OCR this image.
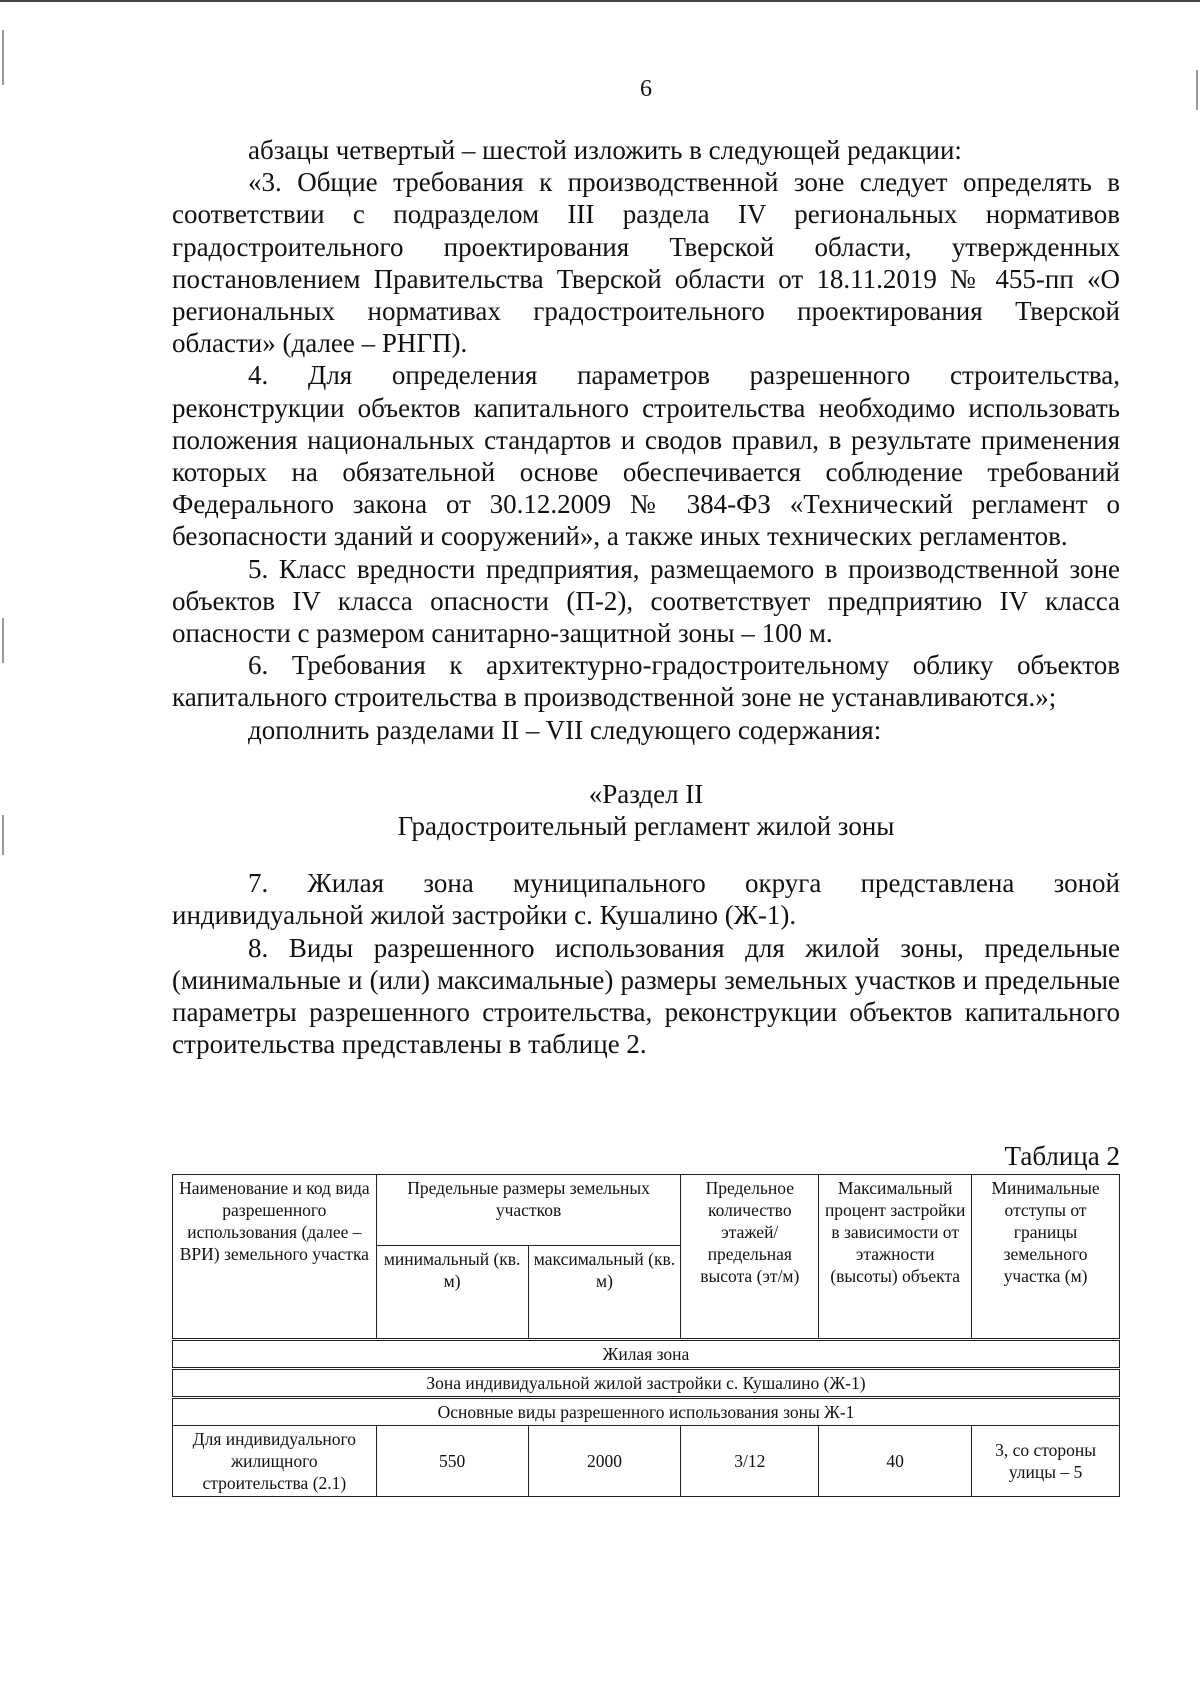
6

абзацы четвертый – шестой изложить в следующей редакции:

«3. Общие требования к производственной зоне следует определять в соответствии с подразделом III раздела IV региональных нормативов градостроительного проектирования Тверской области, утвержденных постановлением Правительства Тверской области от 18.11.2019 № 455-пп «О региональных нормативах градостроительного проектирования Тверской области» (далее – РНГП).

4. Для определения параметров разрешенного строительства, реконструкции объектов капитального строительства необходимо использовать положения национальных стандартов и сводов правил, в результате применения которых на обязательной основе обеспечивается соблюдение требований Федерального закона от 30.12.2009 № 384-ФЗ «Технический регламент о безопасности зданий и сооружений», а также иных технических регламентов.

5. Класс вредности предприятия, размещаемого в производственной зоне объектов IV класса опасности (П-2), соответствует предприятию IV класса опасности с размером санитарно-защитной зоны – 100 м.

6. Требования к архитектурно-градостроительному облику объектов капитального строительства в производственной зоне не устанавливаются.»;

дополнить разделами II – VII следующего содержания:

«Раздел II

Градостроительный регламент жилой зоны

7. Жилая зона муниципального округа представлена зоной индивидуальной жилой застройки с. Кушалино (Ж-1).

8. Виды разрешенного использования для жилой зоны, предельные (минимальные и (или) максимальные) размеры земельных участков и предельные параметры разрешенного строительства, реконструкции объектов капитального строительства представлены в таблице 2.

Таблица 2
Наименование и код вида разрешенного использования (далее – ВРИ) земельного участка	Предельные размеры земельных участков		Предельное количество этажей/ предельная высота (эт/м)	Максимальный процент застройки в зависимости от этажности (высоты) объекта	Минимальные отступы от границы земельного участка (м)
	минимальный (кв. м)	максимальный (кв. м)			
Жилая зона					
Зона индивидуальной жилой застройки с. Кушалино (Ж-1)					
Основные виды разрешенного использования зоны Ж-1					
Для индивидуального жилищного строительства (2.1)	550	2000	3/12	40	3, со стороны улицы – 5
